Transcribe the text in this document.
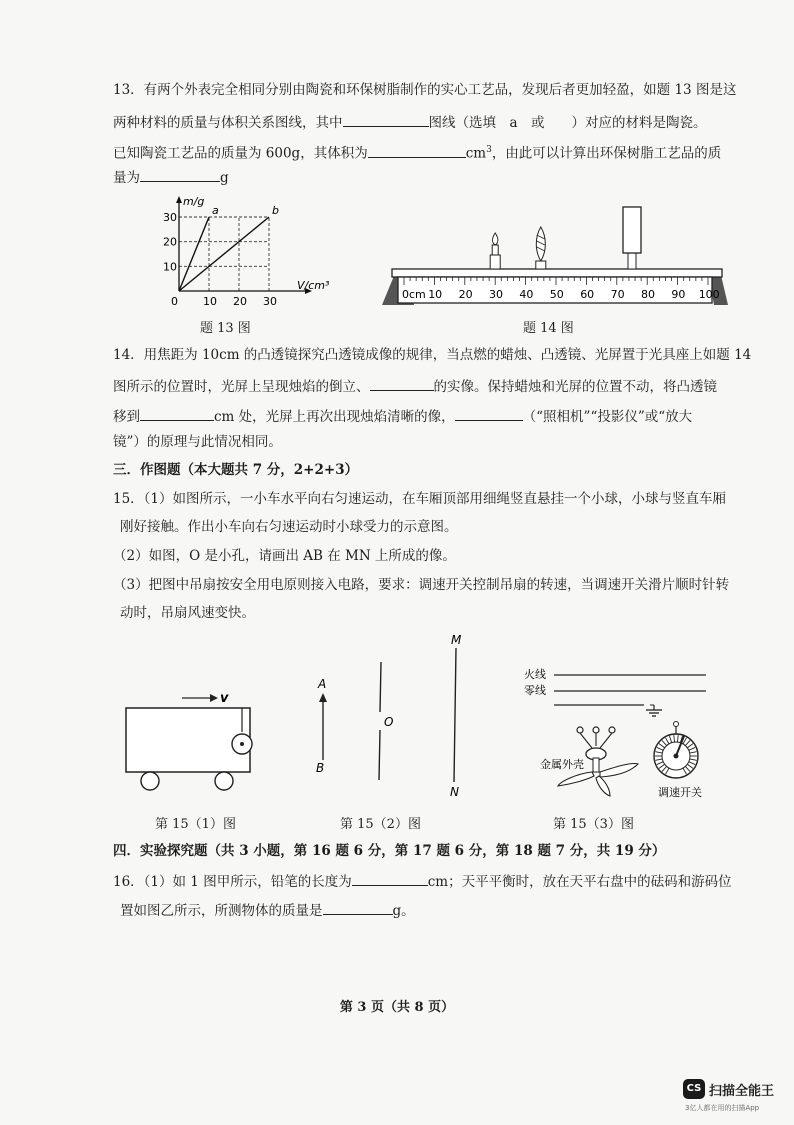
13．有两个外表完全相同分别由陶瓷和环保树脂制作的实心工艺品，发现后者更加轻盈，如题 13 图是这
两种材料的质量与体积关系图线，其中	图线（选填　a　或　　）对应的材料是陶瓷。
已知陶瓷工艺品的质量为 600g，其体积为	$cm^3$，由此可以计算出环保树脂工艺品的质
量为	g
10 20 30
10
20
30
0
V/cm³
m/g
a	b
题 13 图
0cm 10 20 30 40 50 60 70 80 90 100
题 14 图
14．用焦距为 10cm 的凸透镜探究凸透镜成像的规律，当点燃的蜡烛、凸透镜、光屏置于光具座上如题 14
图所示的位置时，光屏上呈现烛焰的倒立、	的实像。保持蜡烛和光屏的位置不动，将凸透镜
移到	cm 处，光屏上再次出现烛焰清晰的像，	（“照相机”“投影仪”或“放大
镜”）的原理与此情况相同。
三．作图题（本大题共 7 分，2+2+3）
15．（1）如图所示，一小车水平向右匀速运动，在车厢顶部用细绳竖直悬挂一个小球，小球与竖直车厢
刚好接触。作出小车向右匀速运动时小球受力的示意图。
（2）如图，O 是小孔，请画出 AB 在 MN 上所成的像。
（3）把图中吊扇按安全用电原则接入电路，要求：调速开关控制吊扇的转速，当调速开关滑片顺时针转
动时，吊扇风速变快。
v
第 15（1）图
M
N
A
B
O
第 15（2）图
火线
零线
金属外壳
调速开关
第 15（3）图
四．实验探究题（共 3 小题，第 16 题 6 分，第 17 题 6 分，第 18 题 7 分，共 19 分）
16．（1）如 1 图甲所示，铅笔的长度为	cm；天平平衡时，放在天平右盘中的砝码和游码位
置如图乙所示，所测物体的质量是	g。
第 3 页（共 8 页）
CS 扫描全能王
3亿人都在用的扫描App
